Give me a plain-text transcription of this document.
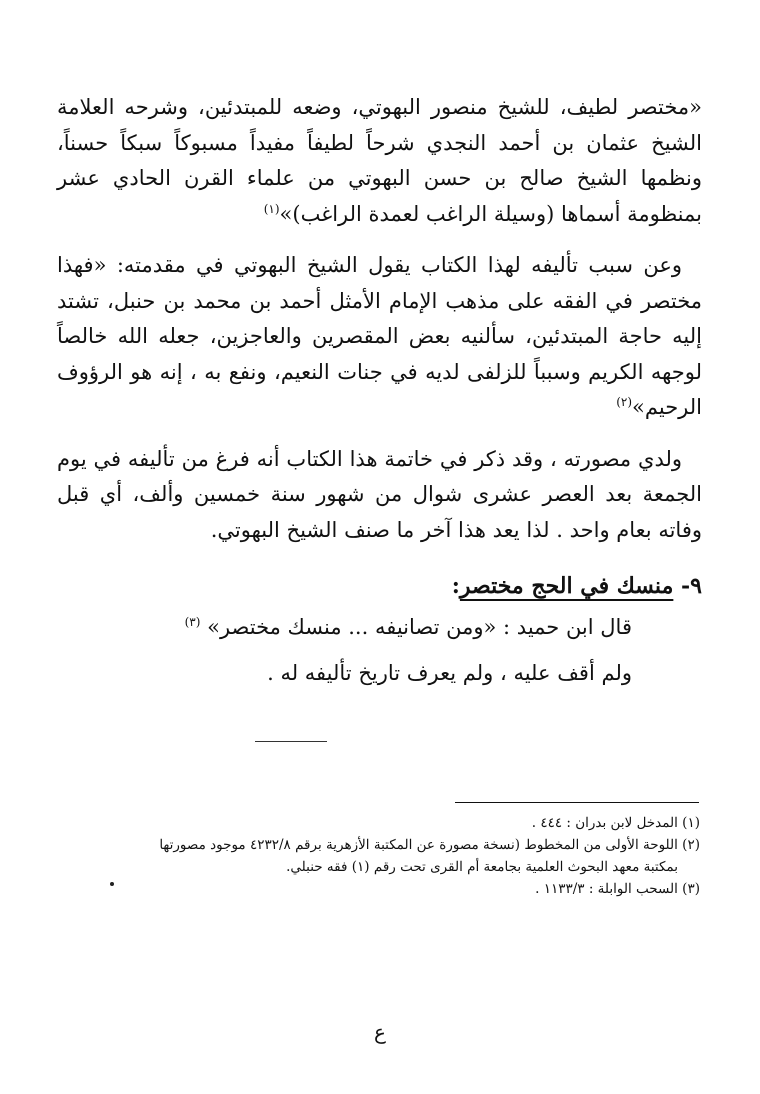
«مختصر لطيف، للشيخ منصور البهوتي، وضعه للمبتدئين، وشرحه العلامة الشيخ عثمان بن أحمد النجدي شرحاً لطيفاً مفيداً مسبوكاً سبكاً حسناً، ونظمها الشيخ صالح بن حسن البهوتي من علماء القرن الحادي عشر بمنظومة أسماها (وسيلة الراغب لعمدة الراغب)»$^{(١)}$
وعن سبب تأليفه لهذا الكتاب يقول الشيخ البهوتي في مقدمته: «فهذا مختصر في الفقه على مذهب الإمام الأمثل أحمد بن محمد بن حنبل، تشتد إليه حاجة المبتدئين، سألنيه بعض المقصرين والعاجزين، جعله الله خالصاً لوجهه الكريم وسبباً للزلفى لديه في جنات النعيم، ونفع به ، إنه هو الرؤوف الرحيم»$^{(٢)}$
ولدي مصورته ، وقد ذكر في خاتمة هذا الكتاب أنه فرغ من تأليفه في يوم الجمعة بعد العصر عشرى شوال من شهور سنة خمسين وألف، أي قبل وفاته بعام واحد . لذا يعد هذا آخر ما صنف الشيخ البهوتي.
٩- منسك في الحج مختصر:
قال ابن حميد : «ومن تصانيفه ... منسك مختصر» $^{(٣)}$
ولم أقف عليه ، ولم يعرف تاريخ تأليفه له .

(١) المدخل لابن بدران : ٤٤٤ .

(٢) اللوحة الأولى من المخطوط (نسخة مصورة عن المكتبة الأزهرية برقم ٤٢٣٢/٨ موجود مصورتها

بمكتبة معهد البحوث العلمية بجامعة أم القرى تحت رقم (١) فقه حنبلي.

(٣) السحب الوابلة : ١١٣٣/٣ .

ع
